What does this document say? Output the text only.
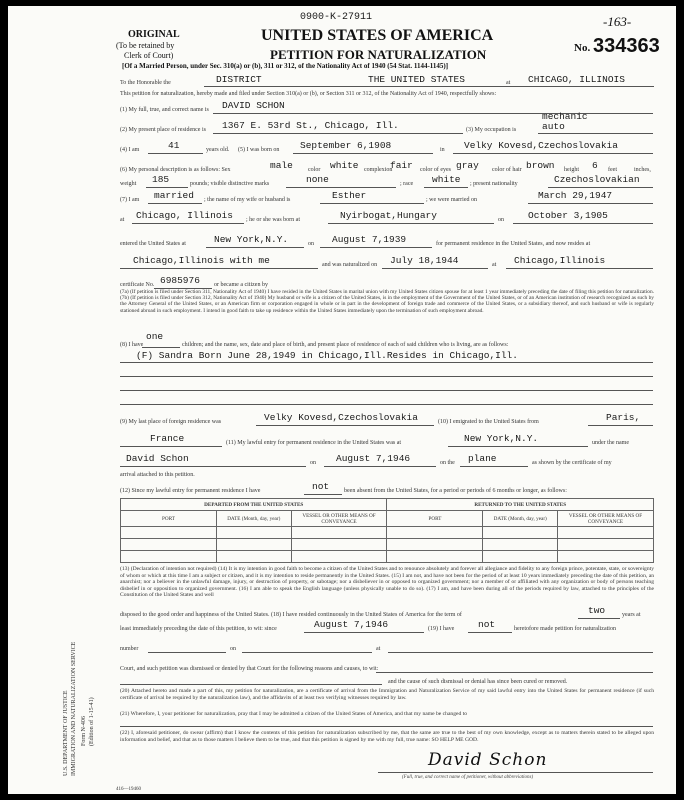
0900-K-27911	-163-
ORIGINAL
(To be retained by
Clerk of Court)
UNITED STATES OF AMERICA
PETITION FOR NATURALIZATION	No. 334363
[Of a Married Person, under Sec. 310(a) or (b), 311 or 312, of the Nationality Act of 1940 (54 Stat. 1144-1145)]
To the Honorable the	DISTRICT	THE UNITED STATES	at CHICAGO, ILLINOIS
This petition for naturalization, hereby made and filed under Section 310(a) or (b), or Section 311 or 312, of the Nationality Act of 1940, respectfully shows:
(1) My full, true, and correct name is DAVID SCHON
(2) My present place of residence is 1367 E. 53rd St., Chicago, Ill.	(3) My occupation is
mechanic
auto
(4) I am	41	years old. (5) I was born on September 6,1908	in Velky Kovesd,Czechoslovakia
(6) My personal description is as follows: Sex	male	color white complexion
fair color of eyes gray color of hair brown height 6 feet	inches,
weight 185	pounds; visible distinctive marks	none	; race white ; present nationality	Czechoslovakian
(7) I am married ; the name of my wife or husband is	Esther	; we were married on	March 29,1947
at Chicago, Illinois ; he or she was born at	Nyirbogat,Hungary	on	October 3,1905
entered the United States at	New York,N.Y.	on August 7,1939	for permanent residence in the United States, and now resides at
Chicago,Illinois with me	and was naturalized on July 18,1944	at Chicago,Illinois
certificate No. 6985976 or became a citizen by
(7a) (If petition is filed under Section 311, Nationality Act of 1940) I have resided in the United States in marital union with my United States citizen spouse for at least 1 year immediately preceding the date of filing this petition for naturalization. (7b) (If petition is filed under Section 312, Nationality Act of 1940) My husband or wife is a citizen of the United States, is in the employment of the Government of the United States, or of an American institution of research recognized as such by the Attorney General of the United States, or an American firm or corporation engaged in whole or in part in the development of foreign trade and commerce of the United States, or a subsidiary thereof, and such husband or wife is regularly stationed abroad in such employment. I intend in good faith to take up residence within the United States immediately upon the termination of such employment abroad.
(8) I have
one
children; and the name, sex, date and place of birth, and present place of residence of each of said children who is living, are as follows:
(F) Sandra Born June 28,1949 in Chicago,Ill.Resides in Chicago,Ill.
(9) My last place of foreign residence was	Velky Kovesd,Czechoslovakia	(10) I emigrated to the United States from	Paris,
France	(11) My lawful entry for permanent residence in the United States was at	New York,N.Y.	under the name
David Schon	on August 7,1946	on the plane	as shown by the certificate of my
arrival attached to this petition.
(12) Since my lawful entry for permanent residence I have	not been absent from the United States, for a period or periods of 6 months or longer, as follows:
DEPARTED FROM THE UNITED STATES			RETURNED TO THE UNITED STATES		
PORT	DATE (Month, day, year)	VESSEL OR OTHER MEANS OF CONVEYANCE	PORT	DATE (Month, day, year)	VESSEL OR OTHER MEANS OF CONVEYANCE

(13) (Declaration of intention not required) (14) It is my intention in good faith to become a citizen of the United States and to renounce absolutely and forever all allegiance and fidelity to any foreign prince, potentate, state, or sovereignty of whom or which at this time I am a subject or citizen, and it is my intention to reside permanently in the United States. (15) I am not, and have not been for the period of at least 10 years immediately preceding the date of this petition, an anarchist; nor a believer in the unlawful damage, injury, or destruction of property, or sabotage; nor a disbeliever in or opposed to organized government; nor a member of or affiliated with any organization or body of persons teaching disbelief in or opposition to organized government. (16) I am able to speak the English language (unless physically unable to do so). (17) I am, and have been during all of the periods required by law, attached to the principles of the Constitution of the United States and well
disposed to the good order and happiness of the United States. (18) I have resided continuously in the United States of America for the term of	two	years at
least immediately preceding the date of this petition, to wit: since	August 7,1946	(19) I have not	heretofore made petition for naturalization
number	on	at
Court, and such petition was dismissed or denied by that Court for the following reasons and causes, to wit:
and the cause of such dismissal or denial has since been cured or removed.
(20) Attached hereto and made a part of this, my petition for naturalization, are a certificate of arrival from the Immigration and Naturalization Service of my said lawful entry into the United States for permanent residence (if such certificate of arrival be required by the naturalization law), and the affidavits of at least two verifying witnesses required by law.
(21) Wherefore, I, your petitioner for naturalization, pray that I may be admitted a citizen of the United States of America, and that my name be changed to
(22) I, aforesaid petitioner, do swear (affirm) that I know the contents of this petition for naturalization subscribed by me, that the same are true to the best of my own knowledge, except as to matters therein stated to be alleged upon information and belief, and that as to those matters I believe them to be true, and that this petition is signed by me with my full, true name: SO HELP ME GOD.
David Schon
(Full, true, and correct name of petitioner, without abbreviations)
416—19460
U.S. DEPARTMENT OF JUSTICE IMMIGRATION AND NATURALIZATION SERVICE Form N-406 (Edition of 1-15-41)
